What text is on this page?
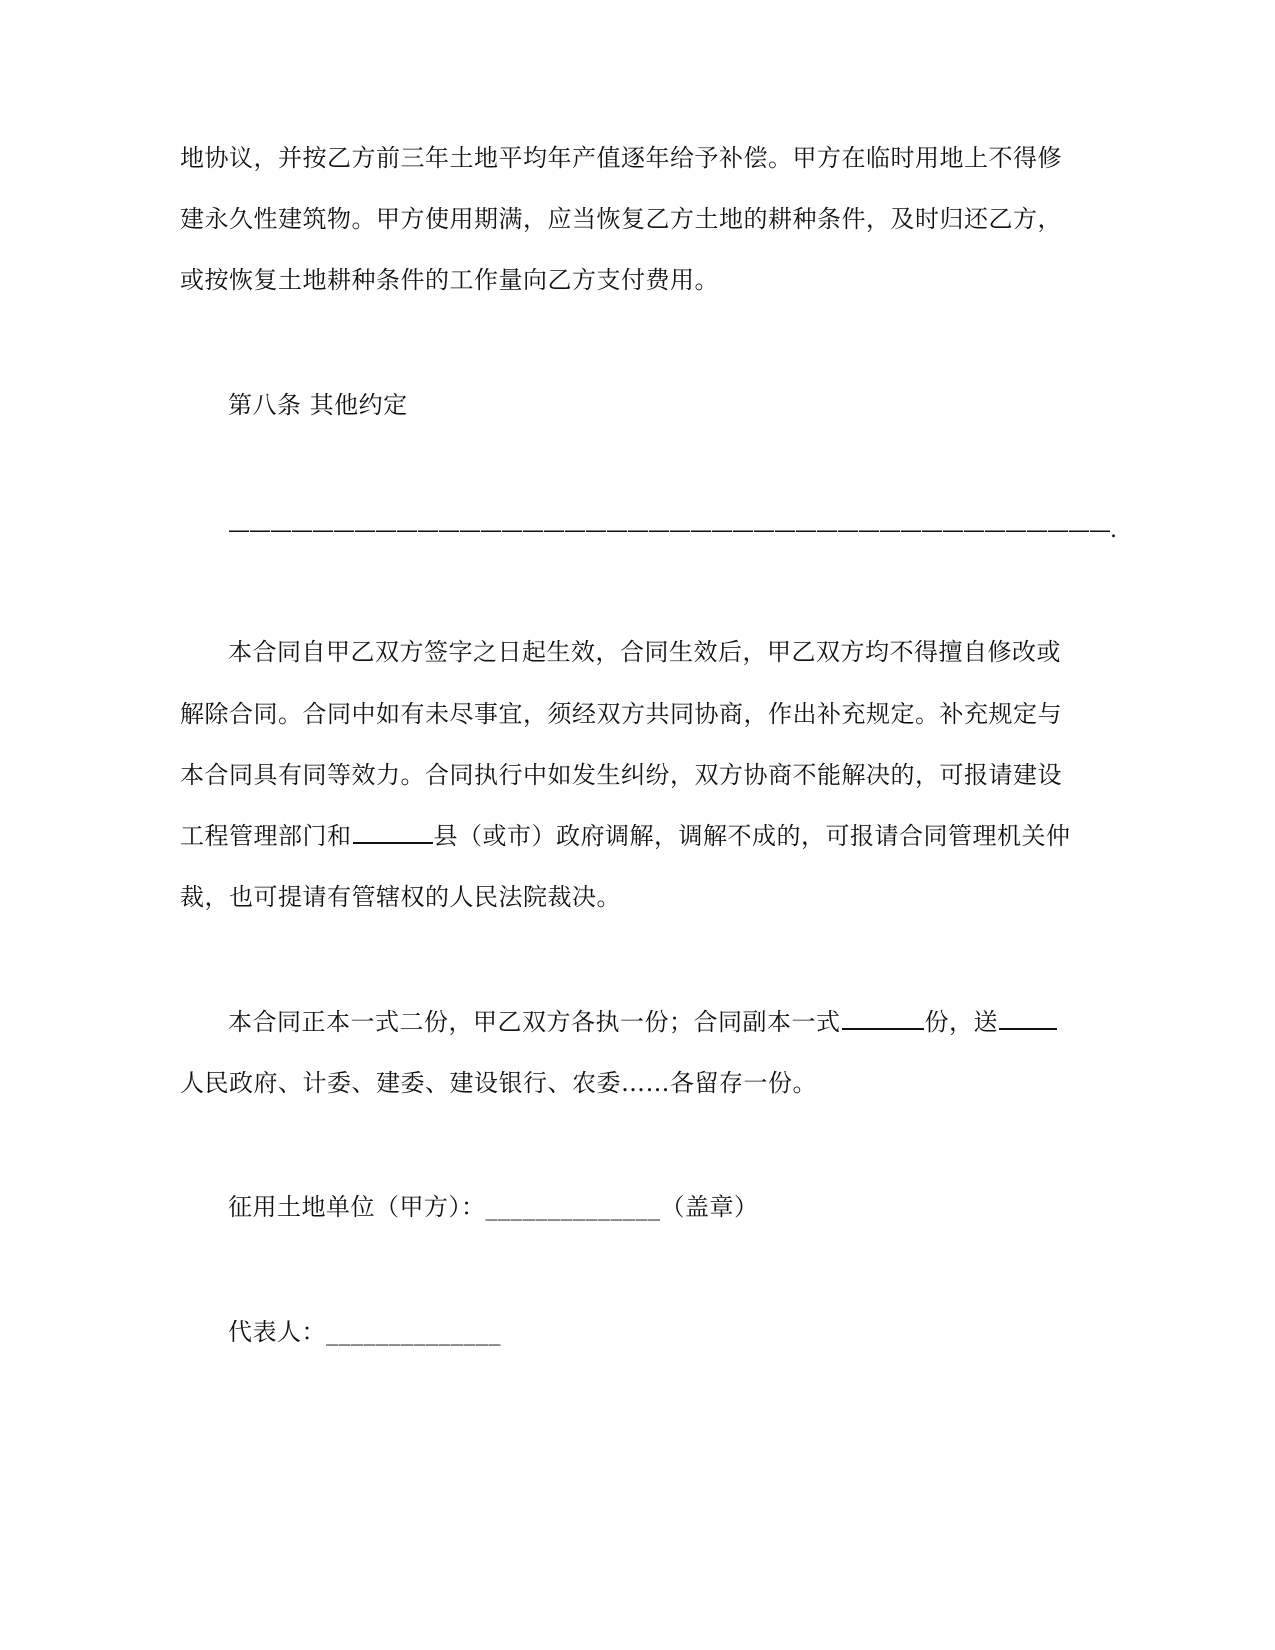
地协议，并按乙方前三年土地平均年产值逐年给予补偿。甲方在临时用地上不得修
建永久性建筑物。甲方使用期满，应当恢复乙方土地的耕种条件，及时归还乙方，
或按恢复土地耕种条件的工作量向乙方支付费用。
第八条 其他约定
——————————————————————————————————————————.
本合同自甲乙双方签字之日起生效，合同生效后，甲乙双方均不得擅自修改或
解除合同。合同中如有未尽事宜，须经双方共同协商，作出补充规定。补充规定与
本合同具有同等效力。合同执行中如发生纠纷，双方协商不能解决的，可报请建设
工程管理部门和	县（或市）政府调解，调解不成的，可报请合同管理机关仲
裁，也可提请有管辖权的人民法院裁决。
本合同正本一式二份，甲乙双方各执一份；合同副本一式	份，送
人民政府、计委、建委、建设银行、农委……各留存一份。
征用土地单位（甲方）：______________（盖章）
代表人：______________
